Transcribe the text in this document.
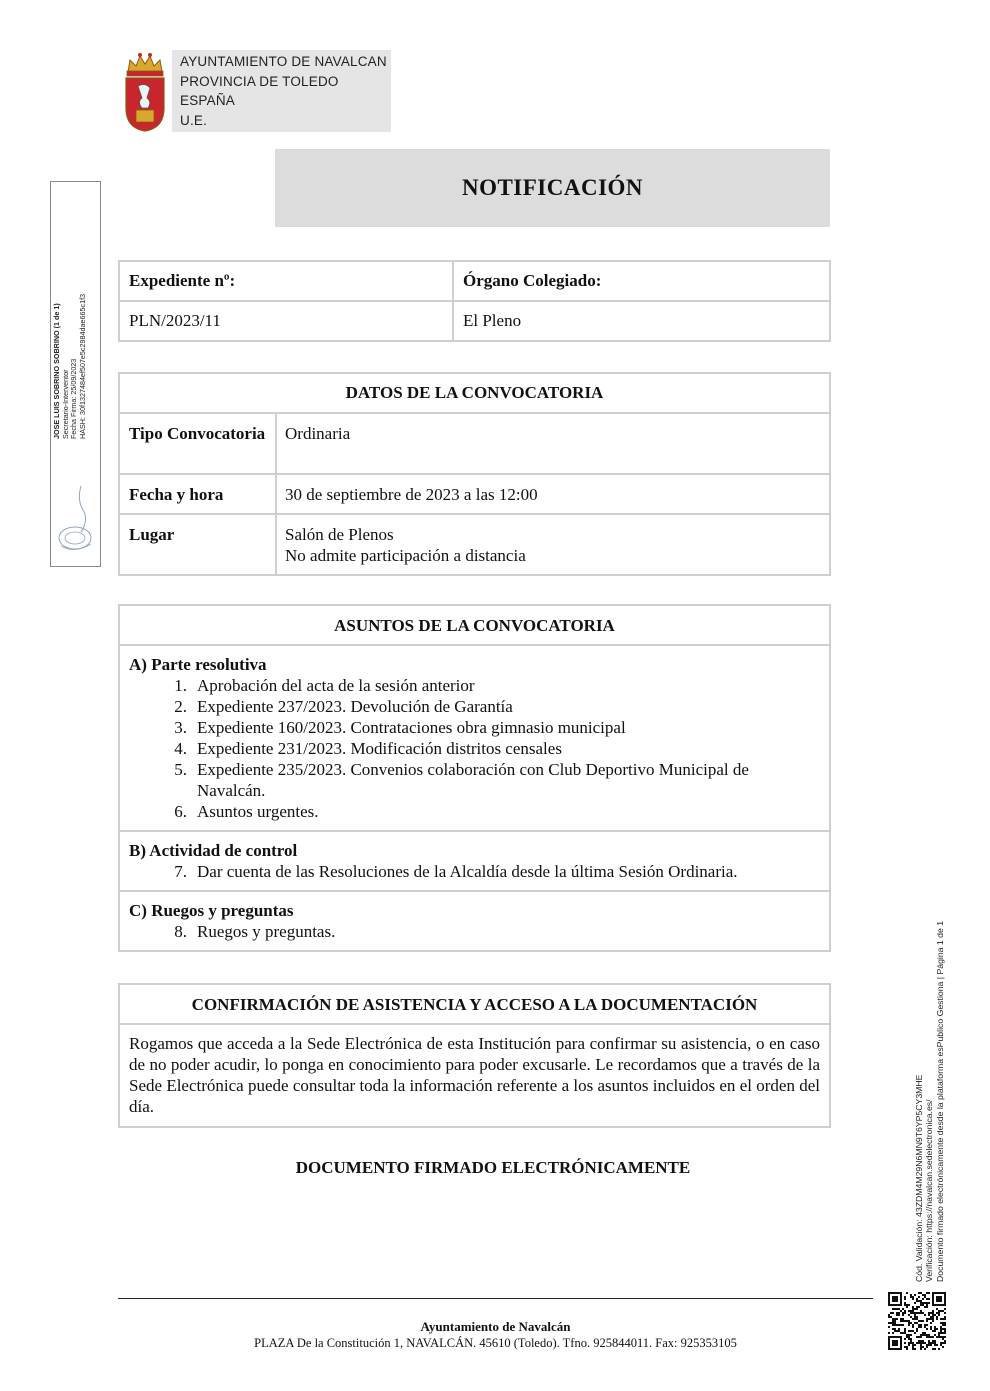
AYUNTAMIENTO DE NAVALCAN
PROVINCIA DE TOLEDO
ESPAÑA
U.E.
NOTIFICACIÓN
Expediente nº:	Órgano Colegiado:
PLN/2023/11	El Pleno
DATOS DE LA CONVOCATORIA	
Tipo Convocatoria	Ordinaria
Fecha y hora	30 de septiembre de 2023 a las 12:00
Lugar	Salón de Plenos
No admite participación a distancia
ASUNTOS DE LA CONVOCATORIA

A) Parte resolutiva
1. Aprobación del acta de la sesión anterior
2. Expediente 237/2023. Devolución de Garantía
3. Expediente 160/2023. Contrataciones obra gimnasio municipal
4. Expediente 231/2023. Modificación distritos censales
5. Expediente 235/2023. Convenios colaboración con Club Deportivo Municipal de Navalcán.
6. Asuntos urgentes.

B) Actividad de control
7. Dar cuenta de las Resoluciones de la Alcaldía desde la última Sesión Ordinaria.

C) Ruegos y preguntas
8. Ruegos y preguntas.
CONFIRMACIÓN DE ASISTENCIA Y ACCESO A LA DOCUMENTACIÓN
Rogamos que acceda a la Sede Electrónica de esta Institución para confirmar su asistencia, o en caso de no poder acudir, lo ponga en conocimiento para poder excusarle. Le recordamos que a través de la Sede Electrónica puede consultar toda la información referente a los asuntos incluidos en el orden del día.
DOCUMENTO FIRMADO ELECTRÓNICAMENTE
Ayuntamiento de Navalcán
PLAZA De la Constitución 1, NAVALCÁN. 45610 (Toledo). Tfno. 925844011. Fax: 925353105
JOSE LUIS SOBRINO SOBRINO (1 de 1) Secretario-Interventor Fecha Firma: 25/09/2023 HASH: 30f1327484ef507e5c2984dae665c1f3
Cód. Validación: 43ZDM4M29N6MN9T6YP5CY3MHE Verificación: https://navalcan.sedelectronica.es/ Documento firmado electrónicamente desde la plataforma esPublico Gestiona | Página 1 de 1
